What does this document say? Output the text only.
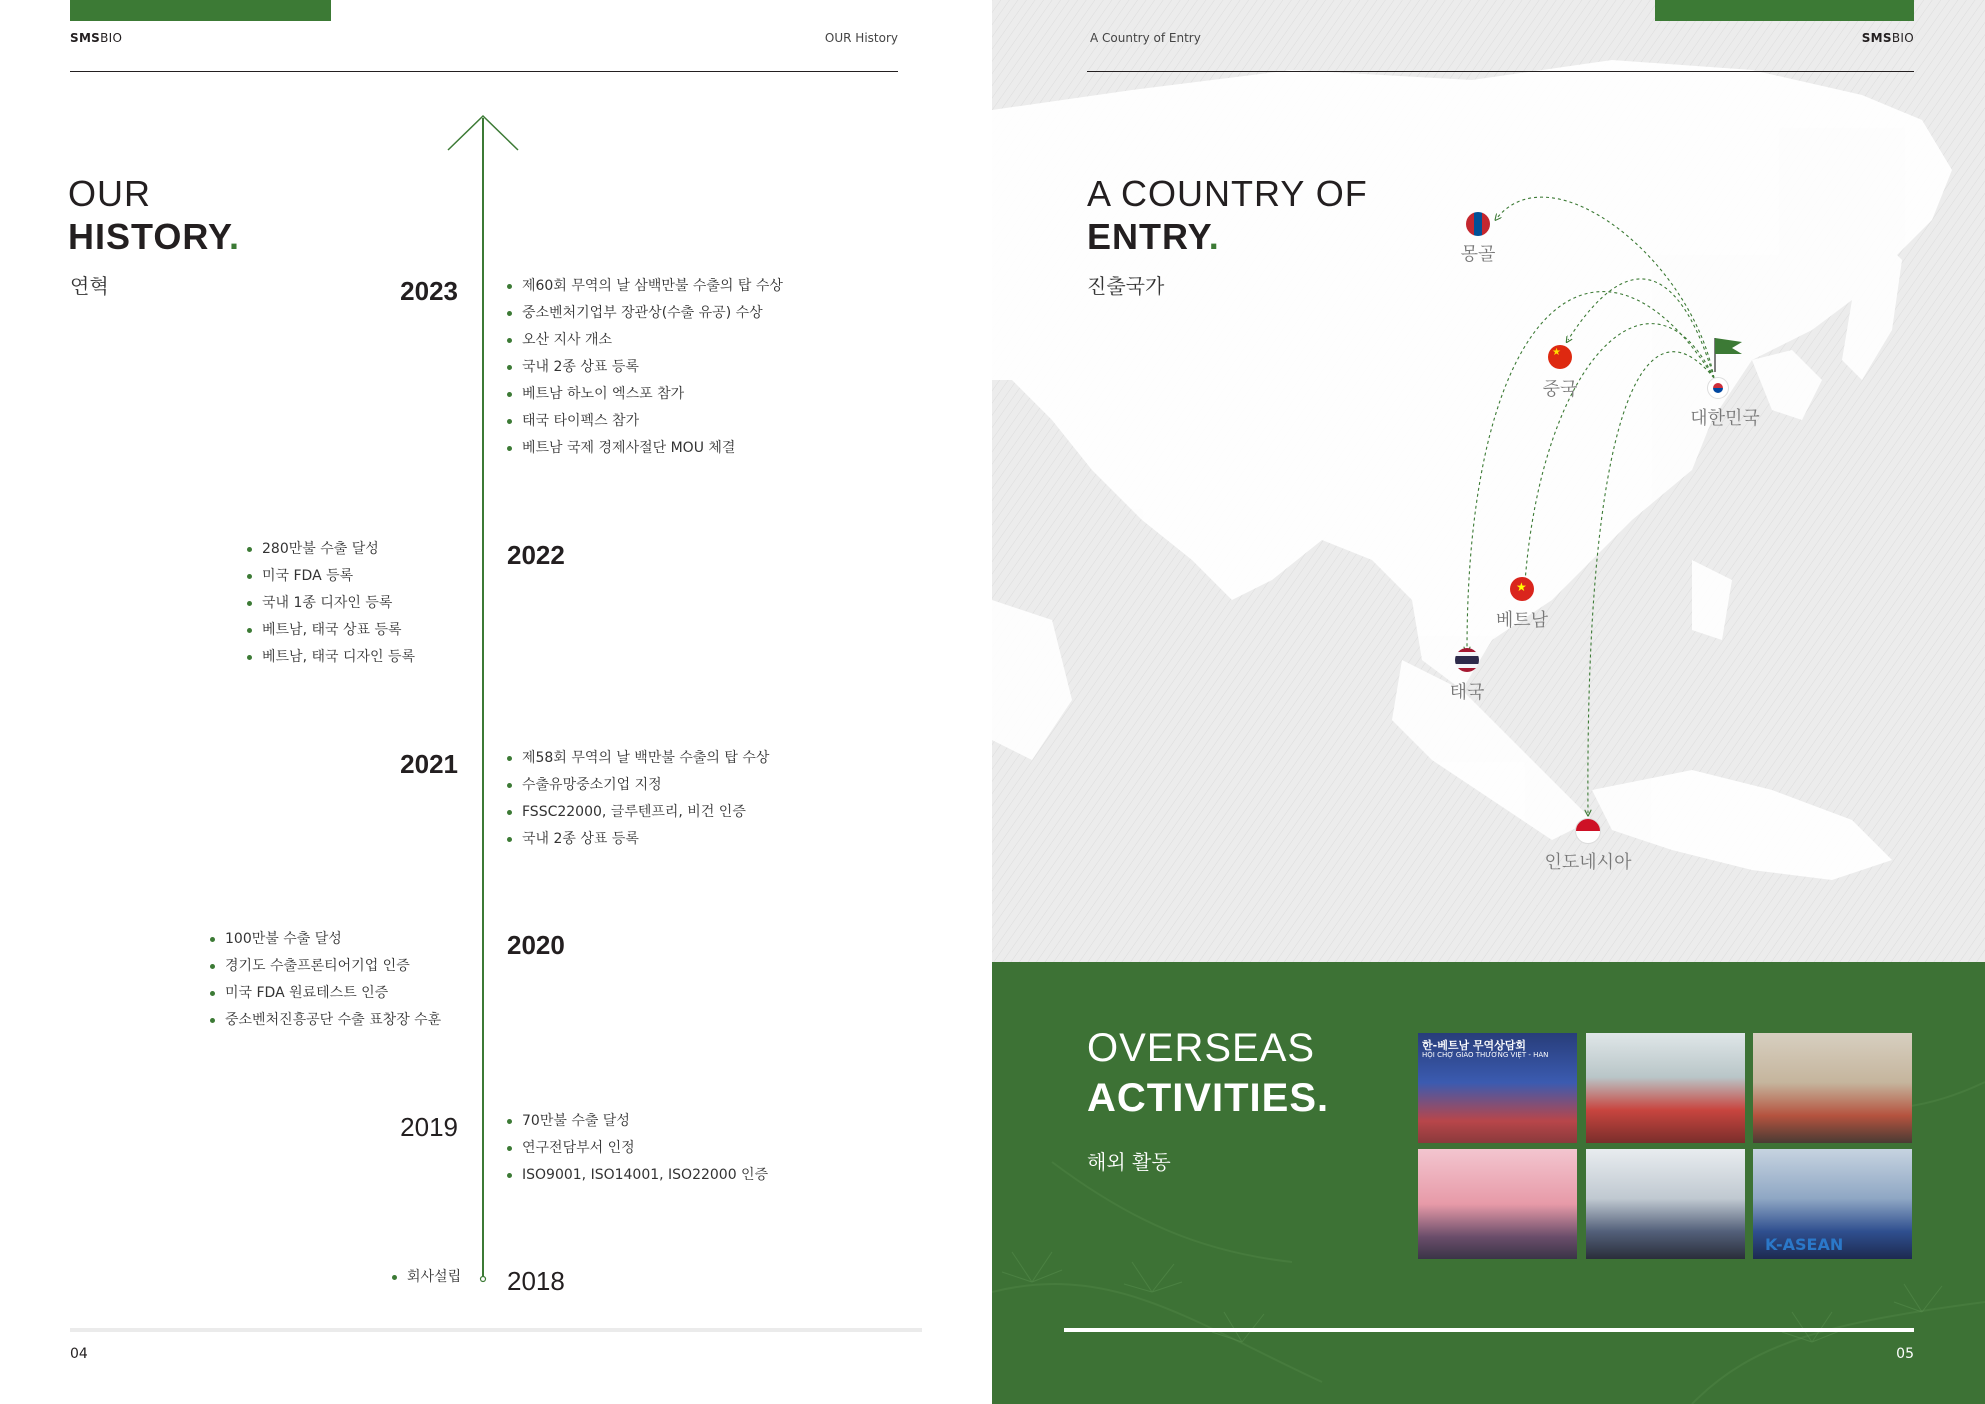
SMSBIO	OUR History
OUR
HISTORY.
연혁	2023	제60회 무역의 날 삼백만불 수출의 탑 수상
중소벤처기업부 장관상(수출 유공) 수상
오산 지사 개소
국내 2종 상표 등록
베트남 하노이 엑스포 참가
태국 타이펙스 참가
베트남 국제 경제사절단 MOU 체결
2022
280만불 수출 달성
미국 FDA 등록
국내 1종 디자인 등록
베트남, 태국 상표 등록
베트남, 태국 디자인 등록
2021	제58회 무역의 날 백만불 수출의 탑 수상
수출유망중소기업 지정
FSSC22000, 글루텐프리, 비건 인증
국내 2종 상표 등록
2020
100만불 수출 달성
경기도 수출프론티어기업 인증
미국 FDA 원료테스트 인증
중소벤처진흥공단 수출 표창장 수훈
2019	70만불 수출 달성
연구전담부서 인정
ISO9001, ISO14001, ISO22000 인증
2018
회사설립
04
A Country of Entry	SMSBIO
A COUNTRY OF
ENTRY.
진출국가
몽골
★
중국
대한민국
★
베트남
태국
인도네시아
OVERSEAS
ACTIVITIES.
해외 활동
한-베트남 무역상담회
HỘI CHỢ GIAO THƯƠNG VIỆT - HÀN
K-ASEAN
05
